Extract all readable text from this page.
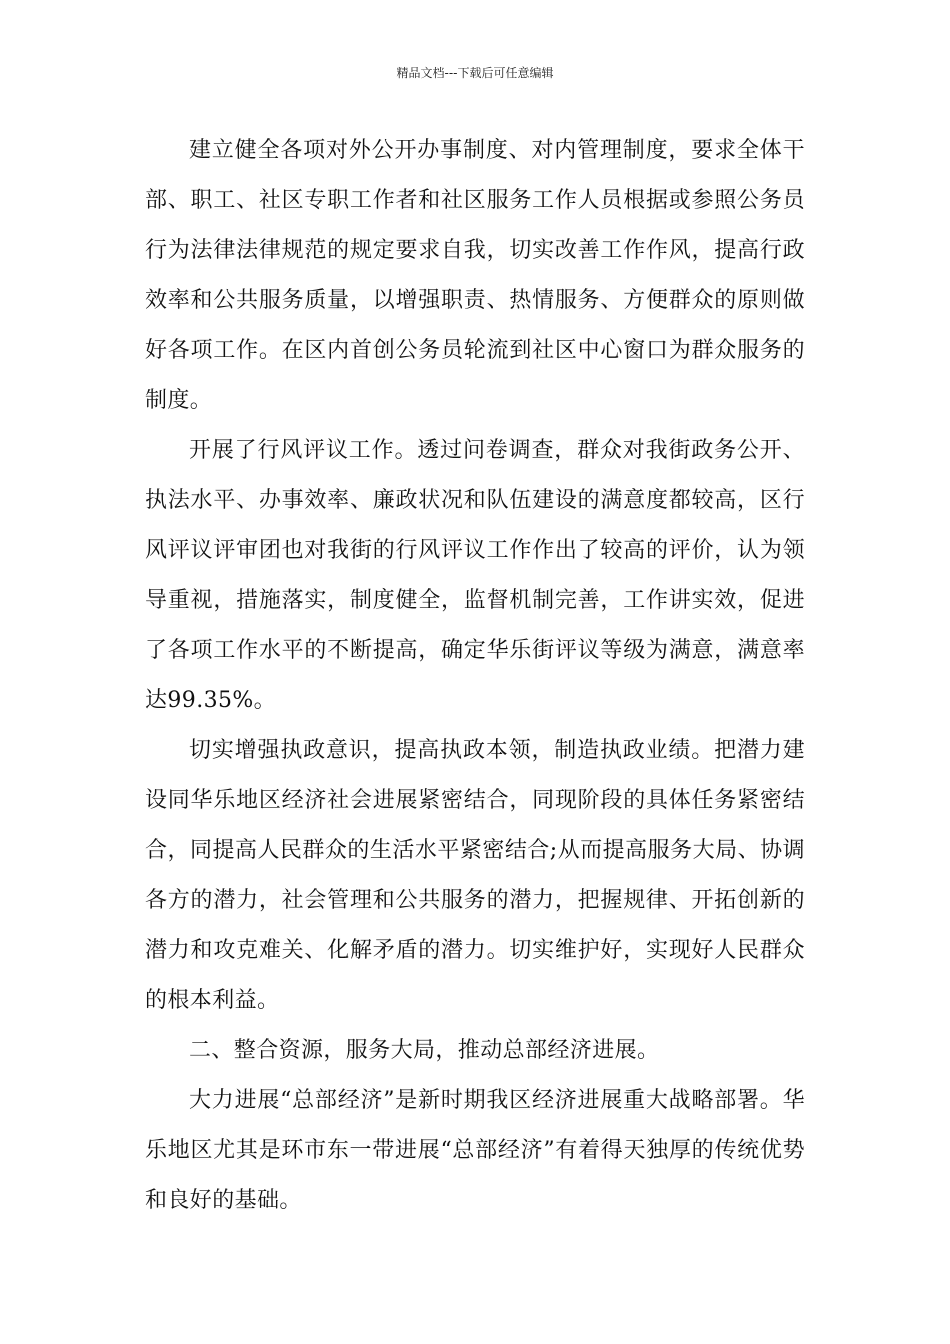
精品文档---下载后可任意编辑

建立健全各项对外公开办事制度、对内管理制度，要求全体干部、职工、社区专职工作者和社区服务工作人员根据或参照公务员行为法律法律规范的规定要求自我，切实改善工作作风，提高行政效率和公共服务质量，以增强职责、热情服务、方便群众的原则做好各项工作。在区内首创公务员轮流到社区中心窗口为群众服务的制度。

开展了行风评议工作。透过问卷调查，群众对我街政务公开、执法水平、办事效率、廉政状况和队伍建设的满意度都较高，区行风评议评审团也对我街的行风评议工作作出了较高的评价，认为领导重视，措施落实，制度健全，监督机制完善，工作讲实效，促进了各项工作水平的不断提高，确定华乐街评议等级为满意，满意率达99.35%。

切实增强执政意识，提高执政本领，制造执政业绩。把潜力建设同华乐地区经济社会进展紧密结合，同现阶段的具体任务紧密结合，同提高人民群众的生活水平紧密结合;从而提高服务大局、协调各方的潜力，社会管理和公共服务的潜力，把握规律、开拓创新的潜力和攻克难关、化解矛盾的潜力。切实维护好，实现好人民群众的根本利益。

二、整合资源，服务大局，推动总部经济进展。

大力进展“总部经济”是新时期我区经济进展重大战略部署。华乐地区尤其是环市东一带进展“总部经济”有着得天独厚的传统优势和良好的基础。
